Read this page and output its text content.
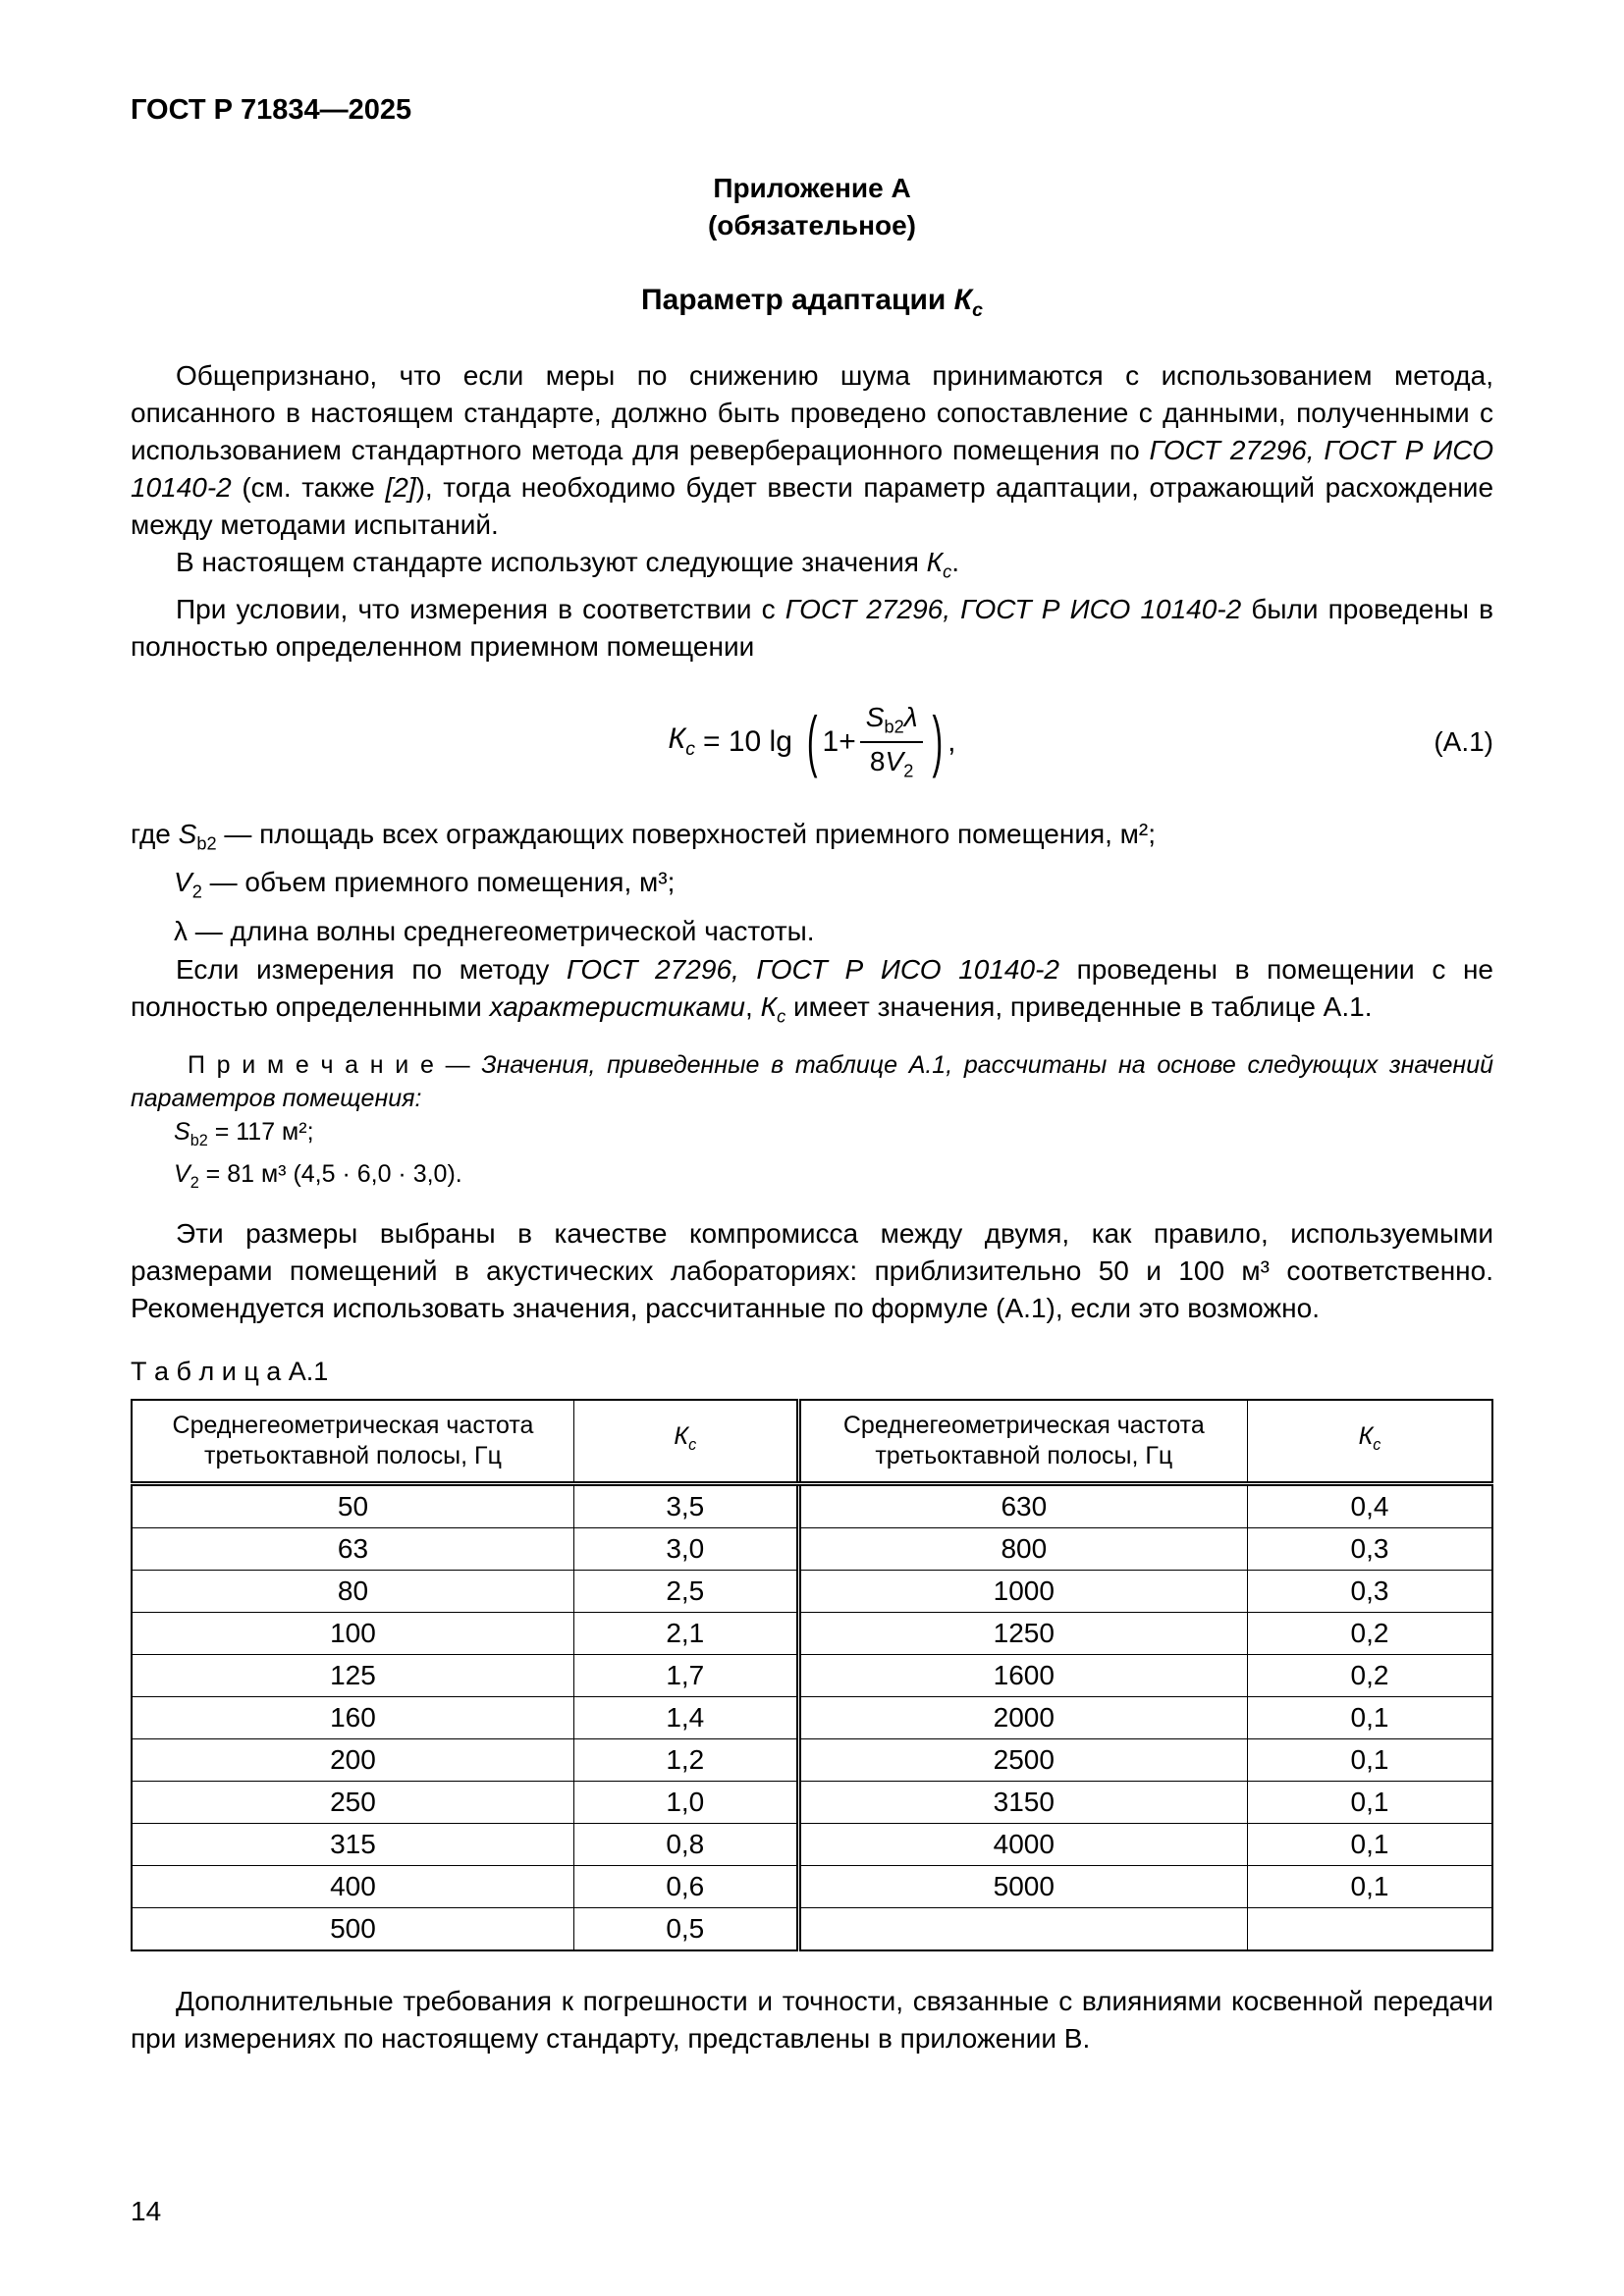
ГОСТ Р 71834—2025
Приложение А
(обязательное)
Параметр адаптации $К_с$

Общепризнано, что если меры по снижению шума принимаются с использованием метода, описанного в настоящем стандарте, должно быть проведено сопоставление с данными, полученными с использованием стандартного метода для реверберационного помещения по ГОСТ 27296, ГОСТ Р ИСО 10140-2 (см. также [2]), тогда необходимо будет ввести параметр адаптации, отражающий расхождение между методами испытаний.

В настоящем стандарте используют следующие значения $К_с$.

При условии, что измерения в соответствии с ГОСТ 27296, ГОСТ Р ИСО 10140-2 были проведены в полностью определенном приемном помещении

$К_с = 10$ lg ( $1+ \frac{S_{b2}\lambda}{8V_2}$ ) ,	(А.1)
где $S_{b2}$ — площадь всех ограждающих поверхностей приемного помещения, м²;
$V_2$ — объем приемного помещения, м³;
λ — длина волны среднегеометрической частоты.

Если измерения по методу ГОСТ 27296, ГОСТ Р ИСО 10140-2 проведены в помещении с не полностью определенными характеристиками, $К_с$ имеет значения, приведенные в таблице А.1.

П р и м е ч а н и е — Значения, приведенные в таблице А.1, рассчитаны на основе следующих значений параметров помещения:
$S_{b2} = 117$ м²;
$V_2 = 81$ м³ (4,5 · 6,0 · 3,0).

Эти размеры выбраны в качестве компромисса между двумя, как правило, используемыми размерами помещений в акустических лабораториях: приблизительно 50 и 100 м³ соответственно. Рекомендуется использовать значения, рассчитанные по формуле (А.1), если это возможно.

Т а б л и ц а А.1
Среднегеометрическая частота третьоктавной полосы, Гц	$К_с$	Среднегеометрическая частота третьоктавной полосы, Гц	$К_с$
50	3,5	630	0,4
63	3,0	800	0,3
80	2,5	1000	0,3
100	2,1	1250	0,2
125	1,7	1600	0,2
160	1,4	2000	0,1
200	1,2	2500	0,1
250	1,0	3150	0,1
315	0,8	4000	0,1
400	0,6	5000	0,1
500	0,5		

Дополнительные требования к погрешности и точности, связанные с влияниями косвенной передачи при измерениях по настоящему стандарту, представлены в приложении В.

14
